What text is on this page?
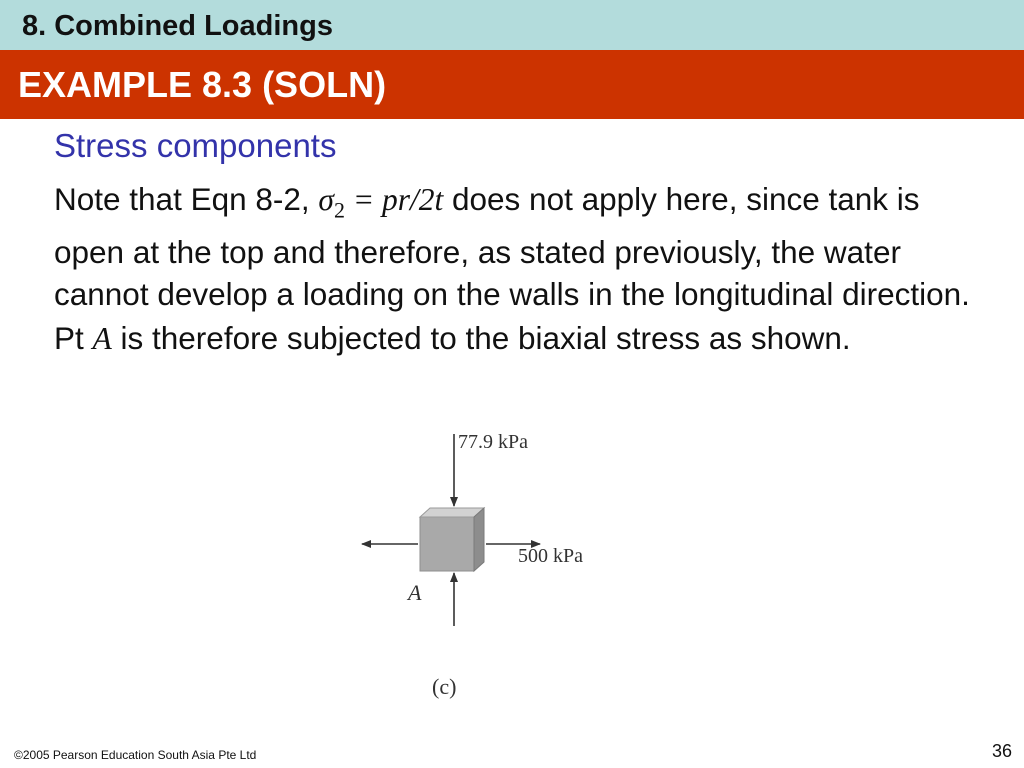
8. Combined Loadings
EXAMPLE 8.3 (SOLN)
Stress components
Note that Eqn 8-2, $\sigma_2 = pr/2t$ does not apply here, since tank is open at the top and therefore, as stated previously, the water cannot develop a loading on the walls in the longitudinal direction.
Pt A is therefore subjected to the biaxial stress as shown.
77.9 kPa
500 kPa
A
(c)
©2005 Pearson Education South Asia Pte Ltd	36
